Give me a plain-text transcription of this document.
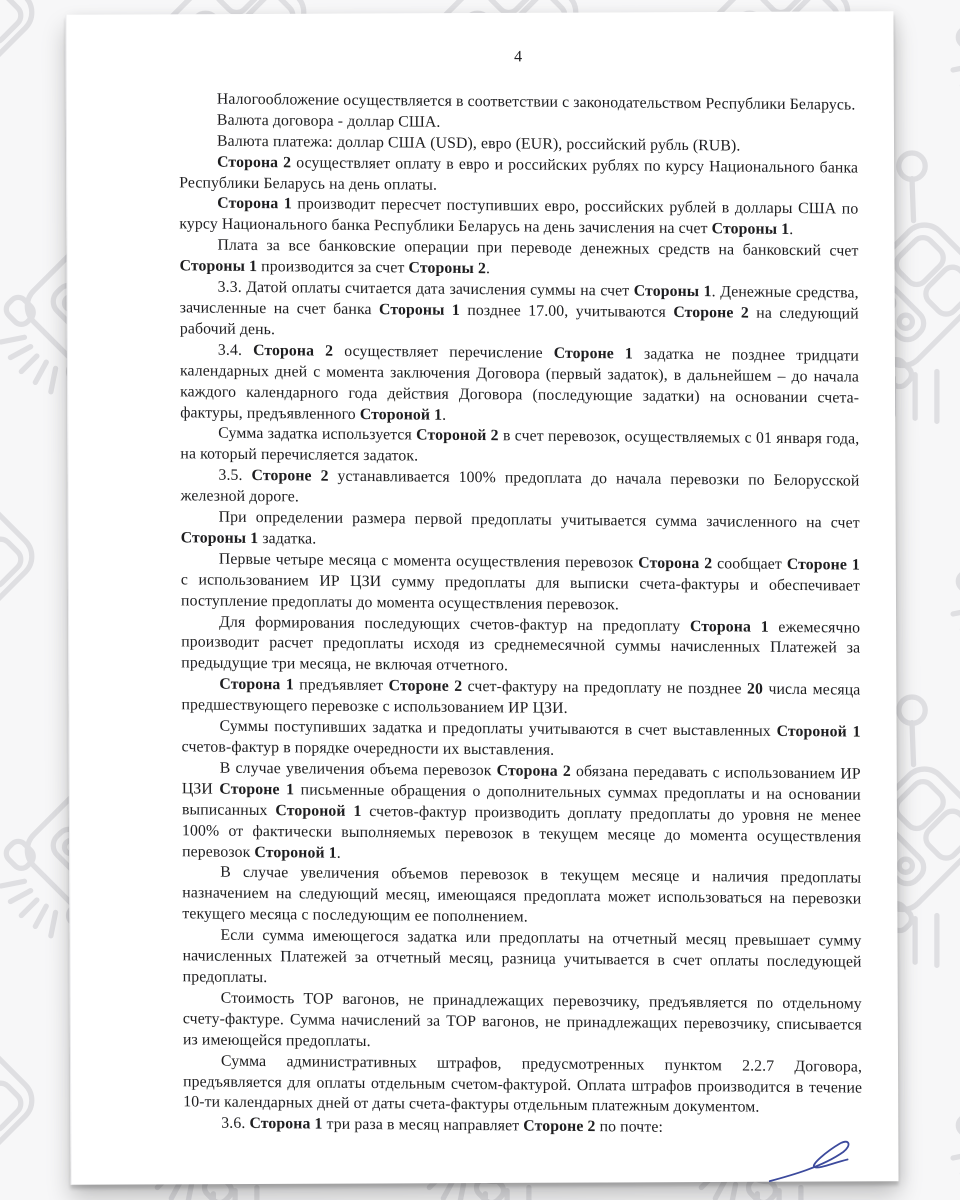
4

Налогообложение осуществляется в соответствии с законодательством Республики Беларусь.

Валюта договора - доллар США.

Валюта платежа: доллар США (USD), евро (EUR), российский рубль (RUB).

Сторона 2 осуществляет оплату в евро и российских рублях по курсу Национального банка Республики Беларусь на день оплаты.

Сторона 1 производит пересчет поступивших евро, российских рублей в доллары США по курсу Национального банка Республики Беларусь на день зачисления на счет Стороны 1.

Плата за все банковские операции при переводе денежных средств на банковский счет Стороны 1 производится за счет Стороны 2.

3.3. Датой оплаты считается дата зачисления суммы на счет Стороны 1. Денежные средства, зачисленные на счет банка Стороны 1 позднее 17.00, учитываются Стороне 2 на следующий рабочий день.

3.4. Сторона 2 осуществляет перечисление Стороне 1 задатка не позднее тридцати календарных дней с момента заключения Договора (первый задаток), в дальнейшем – до начала каждого календарного года действия Договора (последующие задатки) на основании счета-фактуры, предъявленного Стороной 1.

Сумма задатка используется Стороной 2 в счет перевозок, осуществляемых с 01 января года, на который перечисляется задаток.

3.5. Стороне 2 устанавливается 100% предоплата до начала перевозки по Белорусской железной дороге.

При определении размера первой предоплаты учитывается сумма зачисленного на счет Стороны 1 задатка.

Первые четыре месяца с момента осуществления перевозок Сторона 2 сообщает Стороне 1 с использованием ИР ЦЗИ сумму предоплаты для выписки счета-фактуры и обеспечивает поступление предоплаты до момента осуществления перевозок.

Для формирования последующих счетов-фактур на предоплату Сторона 1 ежемесячно производит расчет предоплаты исходя из среднемесячной суммы начисленных Платежей за предыдущие три месяца, не включая отчетного.

Сторона 1 предъявляет Стороне 2 счет-фактуру на предоплату не позднее 20 числа месяца предшествующего перевозке с использованием ИР ЦЗИ.

Суммы поступивших задатка и предоплаты учитываются в счет выставленных Стороной 1 счетов-фактур в порядке очередности их выставления.

В случае увеличения объема перевозок Сторона 2 обязана передавать с использованием ИР ЦЗИ Стороне 1 письменные обращения о дополнительных суммах предоплаты и на основании выписанных Стороной 1 счетов-фактур производить доплату предоплаты до уровня не менее 100% от фактически выполняемых перевозок в текущем месяце до момента осуществления перевозок Стороной 1.

В случае увеличения объемов перевозок в текущем месяце и наличия предоплаты назначением на следующий месяц, имеющаяся предоплата может использоваться на перевозки текущего месяца с последующим ее пополнением.

Если сумма имеющегося задатка или предоплаты на отчетный месяц превышает сумму начисленных Платежей за отчетный месяц, разница учитывается в счет оплаты последующей предоплаты.

Стоимость ТОР вагонов, не принадлежащих перевозчику, предъявляется по отдельному счету-фактуре. Сумма начислений за ТОР вагонов, не принадлежащих перевозчику, списывается из имеющейся предоплаты.

Сумма административных штрафов, предусмотренных пунктом 2.2.7 Договора, предъявляется для оплаты отдельным счетом-фактурой. Оплата штрафов производится в течение 10-ти календарных дней от даты счета-фактуры отдельным платежным документом.

3.6. Сторона 1 три раза в месяц направляет Стороне 2 по почте:
